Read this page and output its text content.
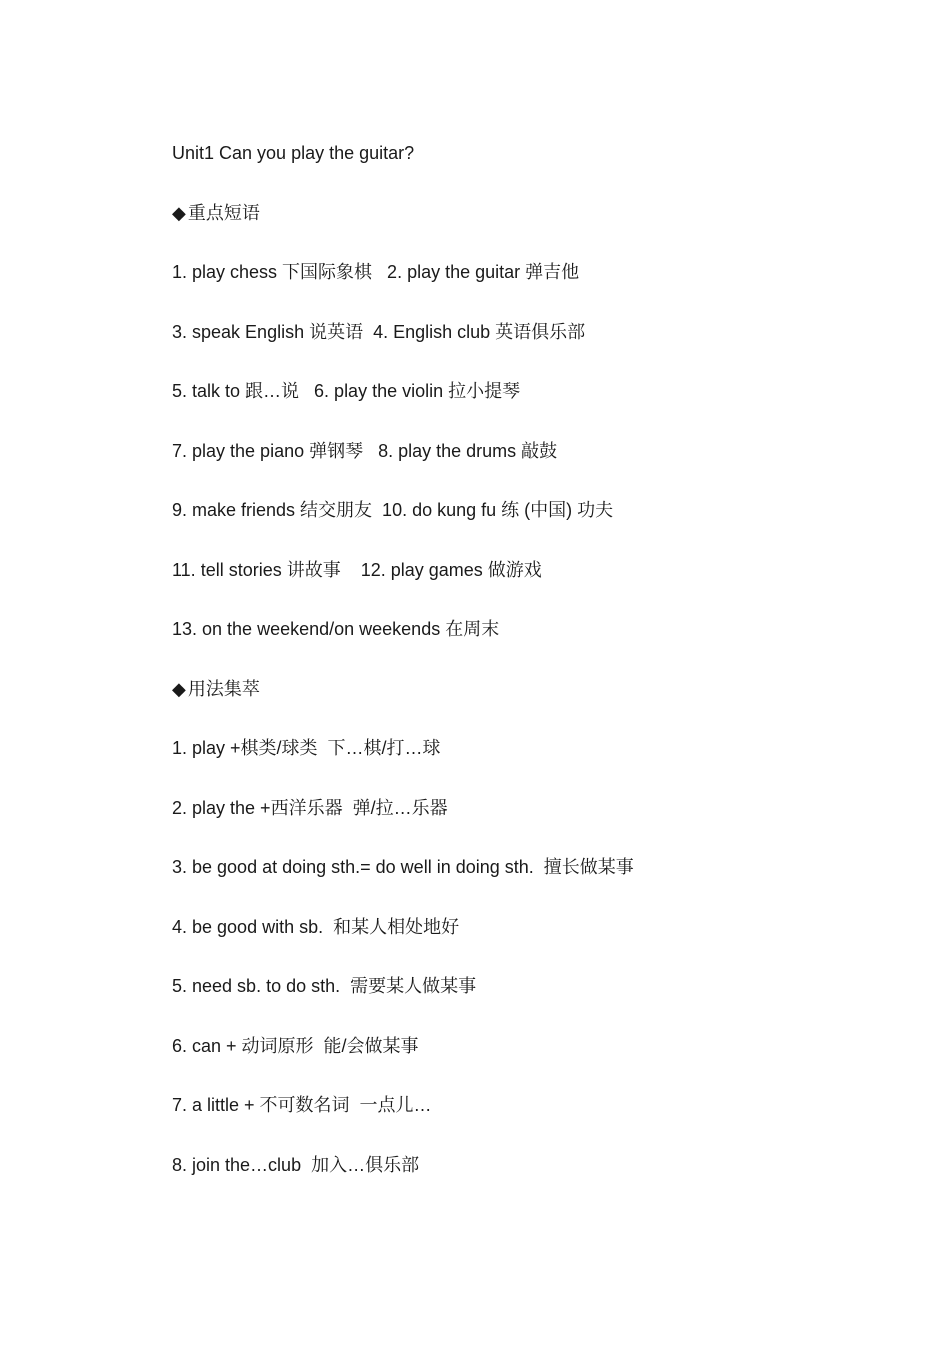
Unit1 Can you play the guitar?
◆ 重点短语
1. play chess 下国际象棋   2. play the guitar 弹吉他
3. speak English 说英语  4. English club 英语俱乐部
5. talk to 跟…说   6. play the violin 拉小提琴
7. play the piano 弹钢琴   8. play the drums 敲鼓
9. make friends 结交朋友  10. do kung fu 练 (中国) 功夫
11. tell stories 讲故事    12. play games 做游戏
13. on the weekend/on weekends 在周末
◆ 用法集萃
1. play +棋类/球类  下…棋/打…球
2. play the +西洋乐器  弹/拉…乐器
3. be good at doing sth.= do well in doing sth.  擅长做某事
4. be good with sb.  和某人相处地好
5. need sb. to do sth.  需要某人做某事
6. can + 动词原形  能/会做某事
7. a little + 不可数名词  一点儿…
8. join the…club  加入…俱乐部
